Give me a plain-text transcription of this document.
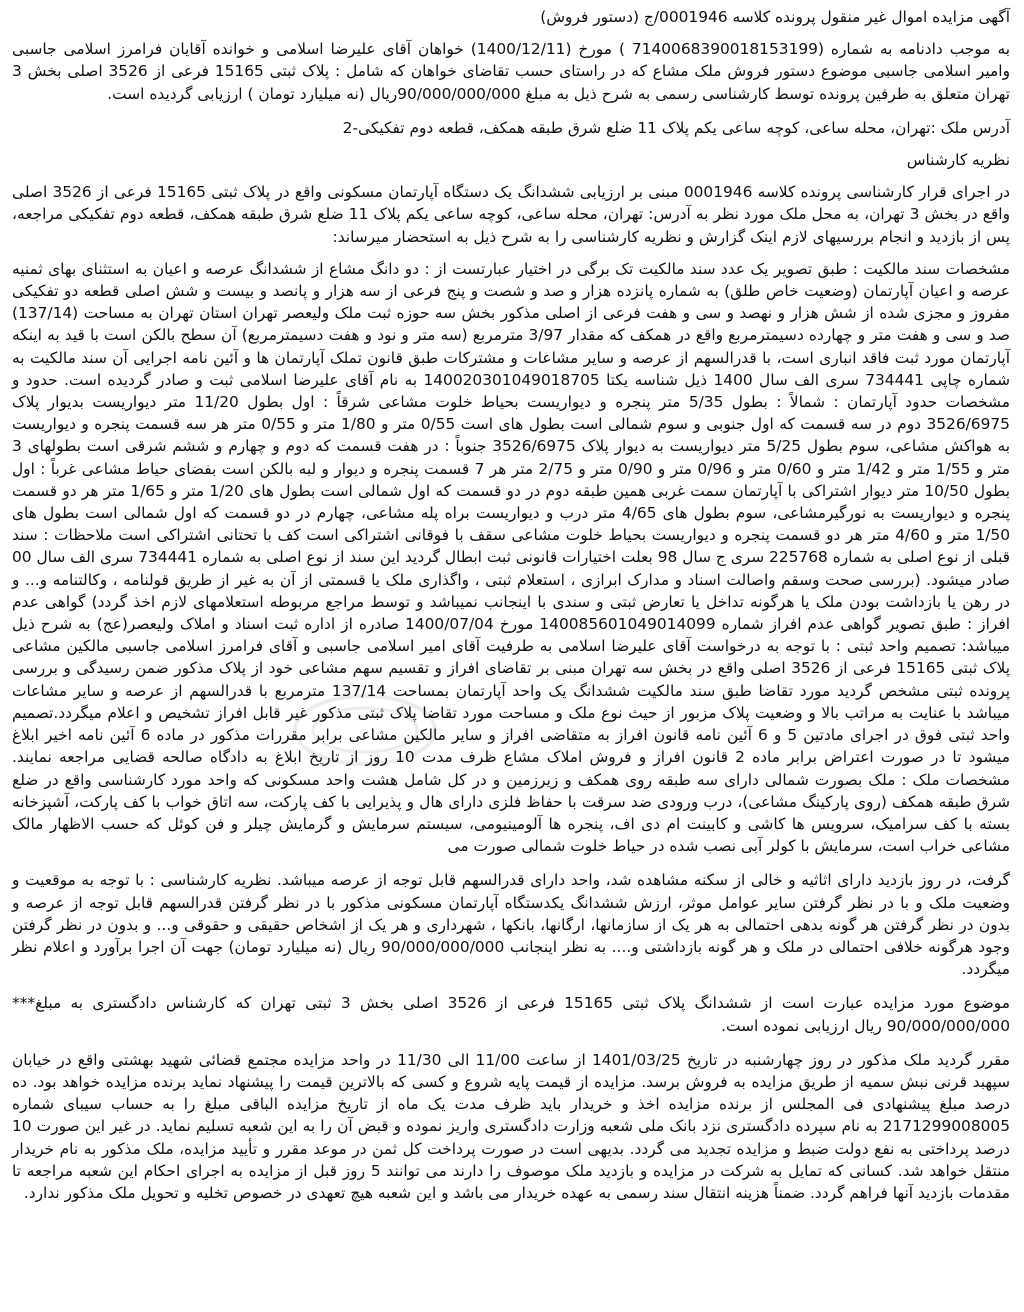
آگهی مزایده اموال غیر منقول پرونده کلاسه 0001946/ج (دستور فروش)

به موجب دادنامه به شماره (7140068390018153199 ) مورخ (1400/12/11) خواهان آقای علیرضا اسلامی و خوانده آقایان فرامرز اسلامی جاسبی وامیر اسلامی جاسبی موضوع دستور فروش ملک مشاع که در راستای حسب تقاضای خواهان که شامل : پلاک ثبتی 15165 فرعی از 3526 اصلی بخش 3 تهران متعلق به طرفین پرونده توسط کارشناسی رسمی به شرح ذیل به مبلغ 90/000/000/000ریال (نه میلیارد تومان ) ارزیابی گردیده است.

آدرس ملک :تهران، محله ساعی، کوچه ساعی یکم پلاک 11 ضلع شرق طبقه همکف، قطعه دوم تفکیکی-2

نظریه کارشناس

در اجرای قرار کارشناسی پرونده کلاسه 0001946 مبنی بر ارزیابی ششدانگ یک دستگاه آپارتمان مسکونی واقع در پلاک ثبتی 15165 فرعی از 3526 اصلی واقع در بخش 3 تهران، به محل ملک مورد نظر به آدرس: تهران، محله ساعی، کوچه ساعی یکم پلاک 11 ضلع شرق طبقه همکف، قطعه دوم تفکیکی مراجعه، پس از بازدید و انجام بررسیهای لازم اینک گزارش و نظریه کارشناسی را به شرح ذیل به استحضار میرساند:

مشخصات سند مالکیت : طبق تصویر یک عدد سند مالکیت تک برگی در اختیار عبارتست از : دو دانگ مشاع از ششدانگ عرصه و اعیان به استثنای بهای ثمنیه عرصه و اعیان آپارتمان (وضعیت خاص طلق) به شماره پانزده هزار و صد و شصت و پنج فرعی از سه هزار و پانصد و بیست و شش اصلی قطعه دو تفکیکی مفروز و مجزی شده از شش هزار و نهصد و سی و هفت فرعی از اصلی مذکور بخش سه حوزه ثبت ملک ولیعصر تهران استان تهران به مساحت (137/14) صد و سی و هفت متر و چهارده دسیمترمربع واقع در همکف که مقدار 3/97 مترمربع (سه متر و نود و هفت دسیمترمربع) آن سطح بالکن است با قید به اینکه آپارتمان مورد ثبت فاقد انباری است، با قدرالسهم از عرصه و سایر مشاعات و مشترکات طبق قانون تملک آپارتمان ها و آئین نامه اجرایی آن سند مالکیت به شماره چاپی 734441 سری الف سال 1400 ذیل شناسه یکتا 140020301049018705 به نام آقای علیرضا اسلامی ثبت و صادر گردیده است. حدود و مشخصات حدود آپارتمان : شمالاً : بطول 5/35 متر پنجره و دیواریست بحیاط خلوت مشاعی شرقاً : اول بطول 11/20 متر دیواریست بدیوار پلاک 3526/6975 دوم در سه قسمت که اول جنوبی و سوم شمالی است بطول های است 0/55 متر و 1/80 متر و 0/55 متر هر سه قسمت پنجره و دیواریست به هواکش مشاعی، سوم بطول 5/25 متر دیواریست به دیوار پلاک 3526/6975 جنوباً : در هفت قسمت که دوم و چهارم و ششم شرقی است بطولهای 3 متر و 1/55 متر و 1/42 متر و 0/60 متر و 0/96 متر و 0/90 متر و 2/75 متر هر 7 قسمت پنجره و دیوار و لبه بالکن است بفضای حیاط مشاعی غرباً : اول بطول 10/50 متر دیوار اشتراکی با آپارتمان سمت غربی همین طبقه دوم در دو قسمت که اول شمالی است بطول های 1/20 متر و 1/65 متر هر دو قسمت پنجره و دیواریست به نورگیرمشاعی، سوم بطول های 4/65 متر درب و دیواریست براه پله مشاعی، چهارم در دو قسمت که اول شمالی است بطول های 1/50 متر و 4/60 متر هر دو قسمت پنجره و دیواریست بحیاط خلوت مشاعی سقف با فوقانی اشتراکی است کف با تحتانی اشتراکی است ملاحظات : سند قبلی از نوع اصلی به شماره 225768 سری ج سال 98 بعلت اختیارات قانونی ثبت ابطال گردید این سند از نوع اصلی به شماره 734441 سری الف سال 00 صادر میشود. (بررسی صحت وسقم واصالت اسناد و مدارک ابرازی ، استعلام ثبتی ، واگذاری ملک یا قسمتی از آن به غیر از طریق قولنامه ، وکالتنامه و... و در رهن یا بازداشت بودن ملک یا هرگونه تداخل یا تعارض ثبتی و سندی با اینجانب نمیباشد و توسط مراجع مربوطه استعلامهای لازم اخذ گردد) گواهی عدم افراز : طبق تصویر گواهی عدم افراز شماره 140085601049014099 مورخ 1400/07/04 صادره از اداره ثبت اسناد و املاک ولیعصر(عج) به شرح ذیل میباشد: تصمیم واحد ثبتی : با توجه به درخواست آقای علیرضا اسلامی به طرفیت آقای امیر اسلامی جاسبی و آقای فرامرز اسلامی جاسبی مالکین مشاعی پلاک ثبتی 15165 فرعی از 3526 اصلی واقع در بخش سه تهران مبنی بر تقاضای افراز و تقسیم سهم مشاعی خود از پلاک مذکور ضمن رسیدگی و بررسی پرونده ثبتی مشخص گردید مورد تقاضا طبق سند مالکیت ششدانگ یک واحد آپارتمان بمساحت 137/14 مترمربع با قدرالسهم از عرصه و سایر مشاعات میباشد با عنایت به مراتب بالا و وضعیت پلاک مزبور از حیث نوع ملک و مساحت مورد تقاضا پلاک ثبتی مذکور غیر قابل افراز تشخیص و اعلام میگردد.تصمیم واحد ثبتی فوق در اجرای مادتین 5 و 6 آئین نامه قانون افراز به متقاضی افراز و سایر مالکین مشاعی برابر مقررات مذکور در ماده 6 آئین نامه اخیر ابلاغ میشود تا در صورت اعتراض برابر ماده 2 قانون افراز و فروش املاک مشاع ظرف مدت 10 روز از تاریخ ابلاغ به دادگاه صالحه قضایی مراجعه نمایند. مشخصات ملک : ملک بصورت شمالی دارای سه طبقه روی همکف و زیرزمین و در کل شامل هشت واحد مسکونی که واحد مورد کارشناسی واقع در ضلع شرق طبقه همکف (روی پارکینگ مشاعی)، درب ورودی ضد سرقت با حفاظ فلزی دارای هال و پذیرایی با کف پارکت، سه اتاق خواب با کف پارکت، آشپزخانه بسته با کف سرامیک، سرویس ها کاشی و کابینت ام دی اف، پنجره ها آلومینیومی، سیستم سرمایش و گرمایش چیلر و فن کوئل که حسب الاظهار مالک مشاعی خراب است، سرمایش با کولر آبی نصب شده در حیاط خلوت شمالی صورت می

گرفت، در روز بازدید دارای اثاثیه و خالی از سکنه مشاهده شد، واحد دارای قدرالسهم قابل توجه از عرصه میباشد. نظریه کارشناسی : با توجه به موقعیت و وضعیت ملک و با در نظر گرفتن سایر عوامل موثر، ارزش ششدانگ یکدستگاه آپارتمان مسکونی مذکور با در نظر گرفتن قدرالسهم قابل توجه از عرصه و بدون در نظر گرفتن هر گونه بدهی احتمالی به هر یک از سازمانها، ارگانها، بانکها ، شهرداری و هر یک از اشخاص حقیقی و حقوقی و... و بدون در نظر گرفتن وجود هرگونه خلافی احتمالی در ملک و هر گونه بازداشتی و.... به نظر اینجانب 90/000/000/000 ریال (نه میلیارد تومان) جهت آن اجرا برآورد و اعلام نظر میگردد.

موضوع مورد مزایده عبارت است از ششدانگ پلاک ثبتی 15165 فرعی از 3526 اصلی بخش 3 ثبتی تهران که کارشناس دادگستری به مبلغ*** 90/000/000/000 ریال ارزیابی نموده است.

مقرر گردید ملک مذکور در روز چهارشنبه در تاریخ 1401/03/25 از ساعت 11/00 الی 11/30 در واحد مزایده مجتمع قضائی شهید بهشتی واقع در خیابان سپهبد قرنی نبش سمیه از طریق مزایده به فروش برسد. مزایده از قیمت پایه شروع و کسی که بالاترین قیمت را پیشنهاد نماید برنده مزایده خواهد بود. ده درصد مبلغ پیشنهادی فی المجلس از برنده مزایده اخذ و خریدار باید ظرف مدت یک ماه از تاریخ مزایده الباقی مبلغ را به حساب سیبای شماره 2171299008005 به نام سپرده دادگستری نزد بانک ملی شعبه وزارت دادگستری واریز نموده و قبض آن را به این شعبه تسلیم نماید. در غیر این صورت 10 درصد پرداختی به نفع دولت ضبط و مزایده تجدید می گردد. بدیهی است در صورت پرداخت کل ثمن در موعد مقرر و تأیید مزایده، ملک مذکور به نام خریدار منتقل خواهد شد. کسانی که تمایل به شرکت در مزایده و بازدید ملک موصوف را دارند می توانند 5 روز قبل از مزایده به اجرای احکام این شعبه مراجعه تا مقدمات بازدید آنها فراهم گردد. ضمناً هزینه انتقال سند رسمی به عهده خریدار می باشد و این شعبه هیچ تعهدی در خصوص تخلیه و تحویل ملک مذکور ندارد.
